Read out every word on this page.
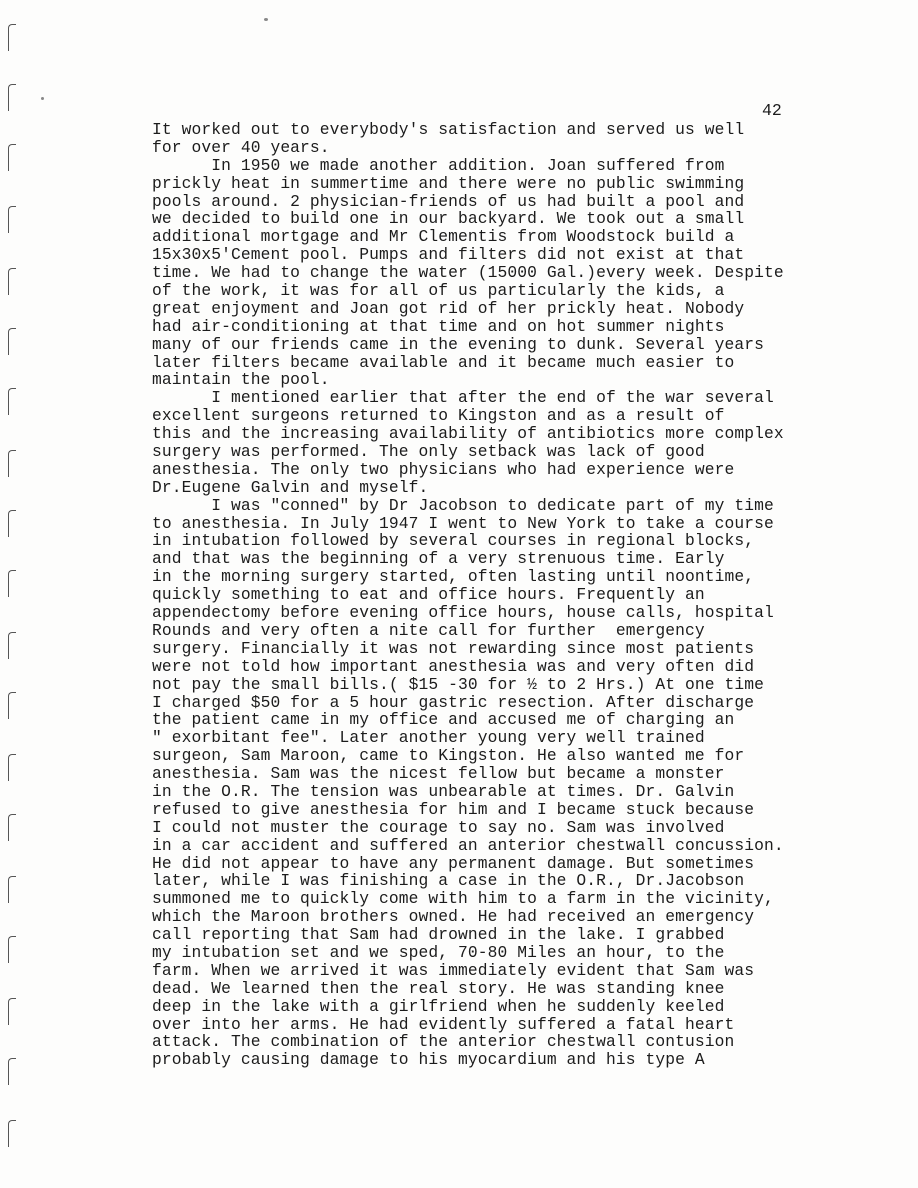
42
It worked out to everybody's satisfaction and served us well
for over 40 years.
In 1950 we made another addition. Joan suffered from
prickly heat in summertime and there were no public swimming
pools around. 2 physician-friends of us had built a pool and
we decided to build one in our backyard. We took out a small
additional mortgage and Mr Clementis from Woodstock build a
15x30x5'Cement pool. Pumps and filters did not exist at that
time. We had to change the water (15000 Gal.)every week. Despite
of the work, it was for all of us particularly the kids, a
great enjoyment and Joan got rid of her prickly heat. Nobody
had air-conditioning at that time and on hot summer nights
many of our friends came in the evening to dunk. Several years
later filters became available and it became much easier to
maintain the pool.
I mentioned earlier that after the end of the war several
excellent surgeons returned to Kingston and as a result of
this and the increasing availability of antibiotics more complex
surgery was performed. The only setback was lack of good
anesthesia. The only two physicians who had experience were
Dr.Eugene Galvin and myself.
I was "conned" by Dr Jacobson to dedicate part of my time
to anesthesia. In July 1947 I went to New York to take a course
in intubation followed by several courses in regional blocks,
and that was the beginning of a very strenuous time. Early
in the morning surgery started, often lasting until noontime,
quickly something to eat and office hours. Frequently an
appendectomy before evening office hours, house calls, hospital
Rounds and very often a nite call for further  emergency
surgery. Financially it was not rewarding since most patients
were not told how important anesthesia was and very often did
not pay the small bills.( $15 -30 for ½ to 2 Hrs.) At one time
I charged $50 for a 5 hour gastric resection. After discharge
the patient came in my office and accused me of charging an
" exorbitant fee". Later another young very well trained
surgeon, Sam Maroon, came to Kingston. He also wanted me for
anesthesia. Sam was the nicest fellow but became a monster
in the O.R. The tension was unbearable at times. Dr. Galvin
refused to give anesthesia for him and I became stuck because
I could not muster the courage to say no. Sam was involved
in a car accident and suffered an anterior chestwall concussion.
He did not appear to have any permanent damage. But sometimes
later, while I was finishing a case in the O.R., Dr.Jacobson
summoned me to quickly come with him to a farm in the vicinity,
which the Maroon brothers owned. He had received an emergency
call reporting that Sam had drowned in the lake. I grabbed
my intubation set and we sped, 70-80 Miles an hour, to the
farm. When we arrived it was immediately evident that Sam was
dead. We learned then the real story. He was standing knee
deep in the lake with a girlfriend when he suddenly keeled
over into her arms. He had evidently suffered a fatal heart
attack. The combination of the anterior chestwall contusion
probably causing damage to his myocardium and his type A
